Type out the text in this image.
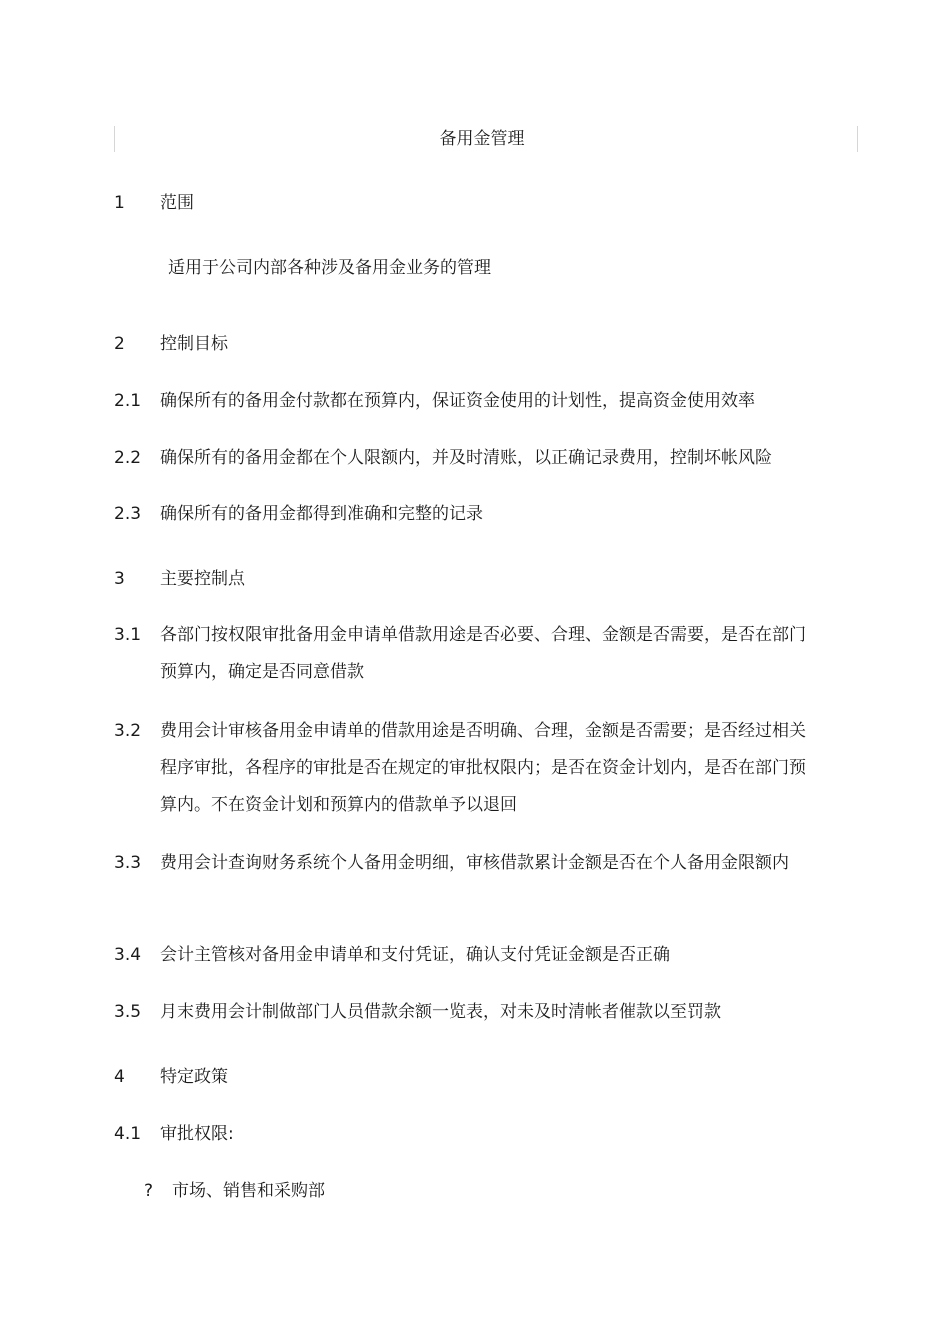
备用金管理
1 范围
适用于公司内部各种涉及备用金业务的管理
2 控制目标
2.1 确保所有的备用金付款都在预算内，保证资金使用的计划性，提高资金使用效率
2.2 确保所有的备用金都在个人限额内，并及时清账，以正确记录费用，控制坏帐风险
2.3 确保所有的备用金都得到准确和完整的记录
3 主要控制点
3.1 各部门按权限审批备用金申请单借款用途是否必要、合理、金额是否需要，是否在部门预算内，确定是否同意借款
3.2 费用会计审核备用金申请单的借款用途是否明确、合理，金额是否需要；是否经过相关程序审批，各程序的审批是否在规定的审批权限内；是否在资金计划内，是否在部门预算内。不在资金计划和预算内的借款单予以退回
3.3 费用会计查询财务系统个人备用金明细，审核借款累计金额是否在个人备用金限额内
3.4 会计主管核对备用金申请单和支付凭证，确认支付凭证金额是否正确
3.5 月末费用会计制做部门人员借款余额一览表，对未及时清帐者催款以至罚款
4 特定政策
4.1 审批权限:
? 市场、销售和采购部
